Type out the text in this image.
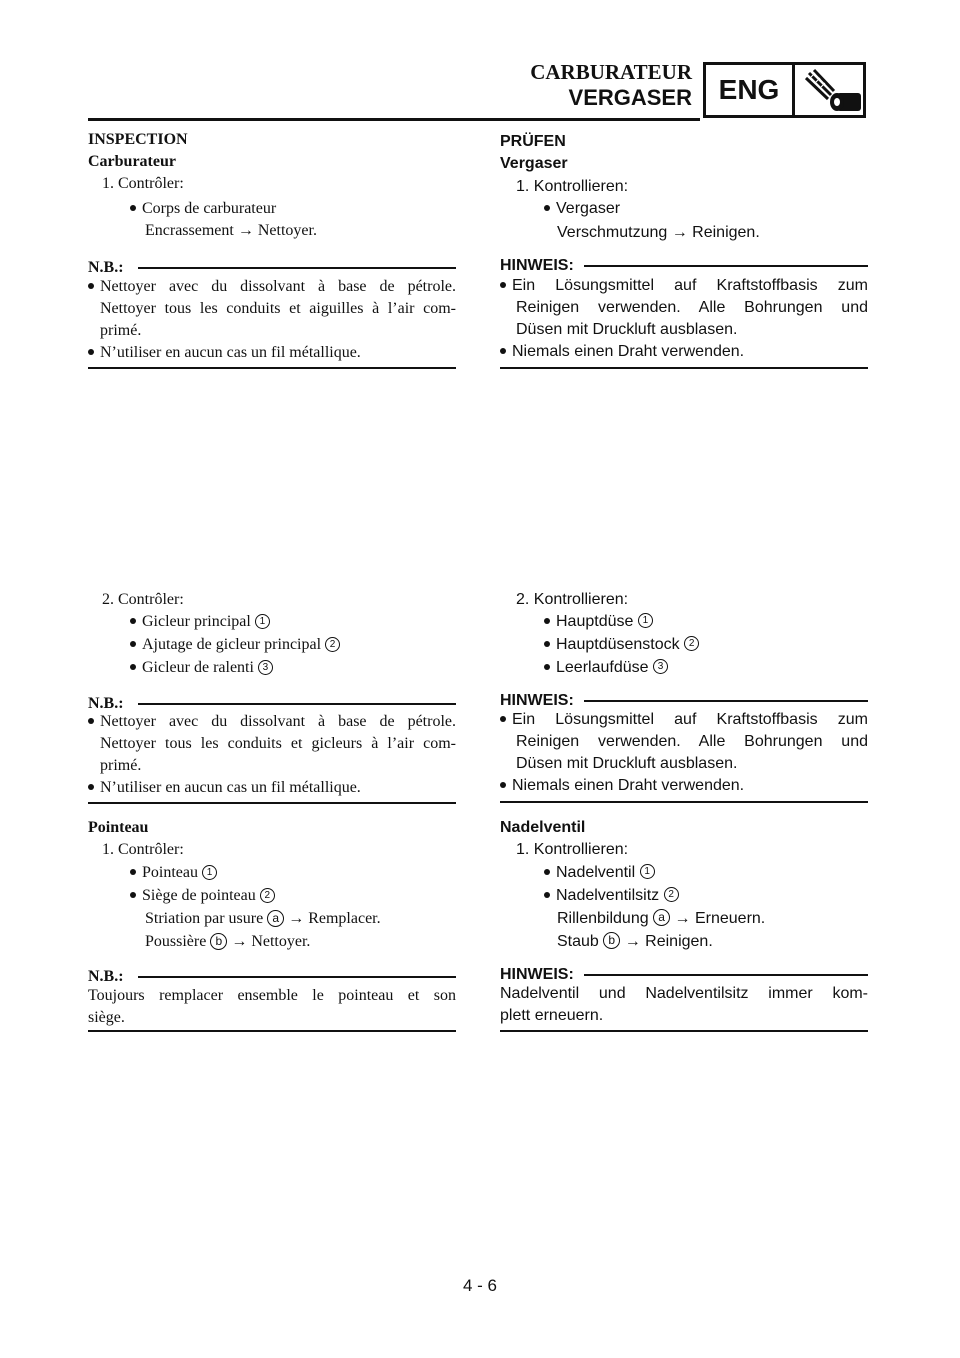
CARBURATEUR
VERGASER ENG
INSPECTION
Carburateur
1. Contrôler:
Corps de carburateur
Encrassement → Nettoyer.
N.B.:
Nettoyer avec du dissolvant à base de pétrole.
Nettoyer tous les conduits et aiguilles à l’air com-
primé.
N’utiliser en aucun cas un fil métallique.
2. Contrôler:
Gicleur principal 1
Ajutage de gicleur principal 2
Gicleur de ralenti 3
N.B.:
Nettoyer avec du dissolvant à base de pétrole.
Nettoyer tous les conduits et gicleurs à l’air com-
primé.
N’utiliser en aucun cas un fil métallique.
Pointeau
1. Contrôler:
Pointeau 1
Siège de pointeau 2
Striation par usure a → Remplacer.
Poussière b → Nettoyer.
N.B.:
Toujours remplacer ensemble le pointeau et son
siège.
PRÜFEN
Vergaser
1. Kontrollieren:
Vergaser
Verschmutzung → Reinigen.
HINWEIS:
Ein Lösungsmittel auf Kraftstoffbasis zum
Reinigen verwenden. Alle Bohrungen und
Düsen mit Druckluft ausblasen.
Niemals einen Draht verwenden.
2. Kontrollieren:
Hauptdüse 1
Hauptdüsenstock 2
Leerlaufdüse 3
HINWEIS:
Ein Lösungsmittel auf Kraftstoffbasis zum
Reinigen verwenden. Alle Bohrungen und
Düsen mit Druckluft ausblasen.
Niemals einen Draht verwenden.
Nadelventil
1. Kontrollieren:
Nadelventil 1
Nadelventilsitz 2
Rillenbildung a → Erneuern.
Staub b → Reinigen.
HINWEIS:
Nadelventil und Nadelventilsitz immer kom-
plett erneuern.
4 - 6
